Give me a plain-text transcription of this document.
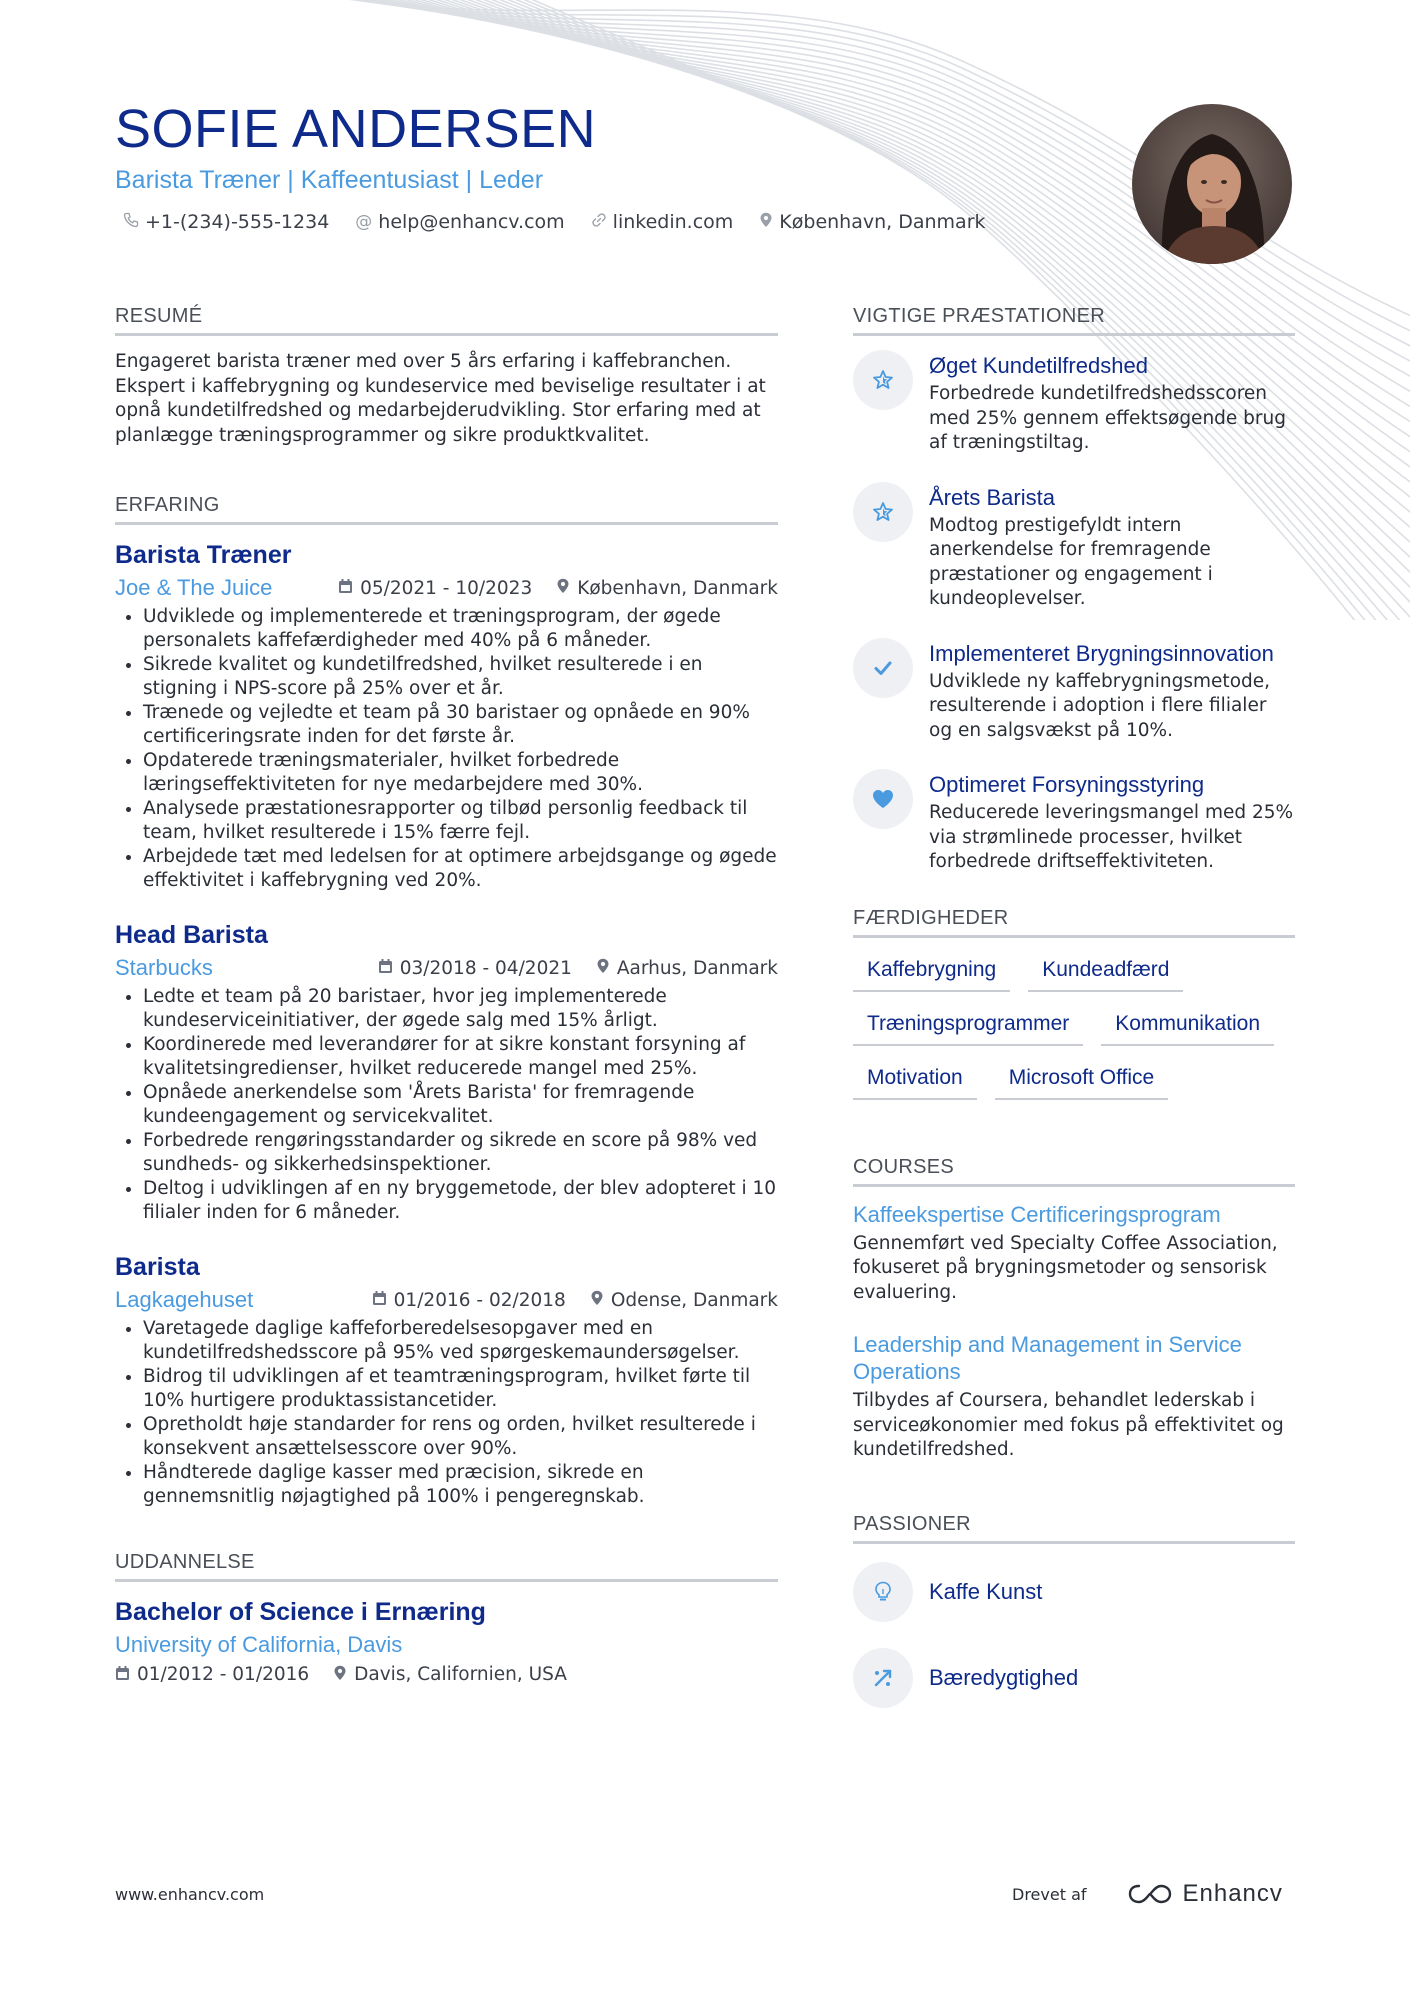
SOFIE ANDERSEN
Barista Træner | Kaffeentusiast | Leder
+1-(234)-555-1234 @ help@enhancv.com	linkedin.com København, Danmark
RESUMÉ

Engageret barista træner med over 5 års erfaring i kaffebranchen. Ekspert i kaffebrygning og kundeservice med beviselige resultater i at opnå kundetilfredshed og medarbejderudvikling. Stor erfaring med at planlægge træningsprogrammer og sikre produktkvalitet.

ERFARING
Barista Træner
Joe & The Juice	05/2021 - 10/2023 København, Danmark
• Udviklede og implementerede et træningsprogram, der øgede personalets kaffefærdigheder med 40% på 6 måneder.
• Sikrede kvalitet og kundetilfredshed, hvilket resulterede i en stigning i NPS-score på 25% over et år.
• Trænede og vejledte et team på 30 baristaer og opnåede en 90% certificeringsrate inden for det første år.
• Opdaterede træningsmaterialer, hvilket forbedrede læringseffektiviteten for nye medarbejdere med 30%.
• Analysede præstationesrapporter og tilbød personlig feedback til team, hvilket resulterede i 15% færre fejl.
• Arbejdede tæt med ledelsen for at optimere arbejdsgange og øgede effektivitet i kaffebrygning ved 20%.
Head Barista
Starbucks	03/2018 - 04/2021 Aarhus, Danmark
• Ledte et team på 20 baristaer, hvor jeg implementerede kundeserviceinitiativer, der øgede salg med 15% årligt.
• Koordinerede med leverandører for at sikre konstant forsyning af kvalitetsingredienser, hvilket reducerede mangel med 25%.
• Opnåede anerkendelse som 'Årets Barista' for fremragende kundeengagement og servicekvalitet.
• Forbedrede rengøringsstandarder og sikrede en score på 98% ved sundheds- og sikkerhedsinspektioner.
• Deltog i udviklingen af en ny bryggemetode, der blev adopteret i 10 filialer inden for 6 måneder.
Barista
Lagkagehuset	01/2016 - 02/2018 Odense, Danmark
• Varetagede daglige kaffeforberedelsesopgaver med en kundetilfredshedsscore på 95% ved spørgeskemaundersøgelser.
• Bidrog til udviklingen af et teamtræningsprogram, hvilket førte til 10% hurtigere produktassistancetider.
• Opretholdt høje standarder for rens og orden, hvilket resulterede i konsekvent ansættelsesscore over 90%.
• Håndterede daglige kasser med præcision, sikrede en gennemsnitlig nøjagtighed på 100% i pengeregnskab.
UDDANNELSE
Bachelor of Science i Ernæring
University of California, Davis
01/2012 - 01/2016 Davis, Californien, USA
VIGTIGE PRÆSTATIONER
Øget Kundetilfredshed
Forbedrede kundetilfredshedsscoren med 25% gennem effektsøgende brug af træningstiltag.
Årets Barista
Modtog prestigefyldt intern anerkendelse for fremragende præstationer og engagement i kundeoplevelser.
Implementeret Brygningsinnovation
Udviklede ny kaffebrygningsmetode, resulterende i adoption i flere filialer og en salgsvækst på 10%.
Optimeret Forsyningsstyring
Reducerede leveringsmangel med 25% via strømlinede processer, hvilket forbedrede driftseffektiviteten.
FÆRDIGHEDER
Kaffebrygning	Kundeadfærd
Træningsprogrammer	Kommunikation
Motivation	Microsoft Office
COURSES
Kaffeekspertise Certificeringsprogram
Gennemført ved Specialty Coffee Association, fokuseret på brygningsmetoder og sensorisk evaluering.
Leadership and Management in Service Operations
Tilbydes af Coursera, behandlet lederskab i serviceøkonomier med fokus på effektivitet og kundetilfredshed.
PASSIONER
Kaffe Kunst
Bæredygtighed
www.enhancv.com	Drevet af	Enhancv
